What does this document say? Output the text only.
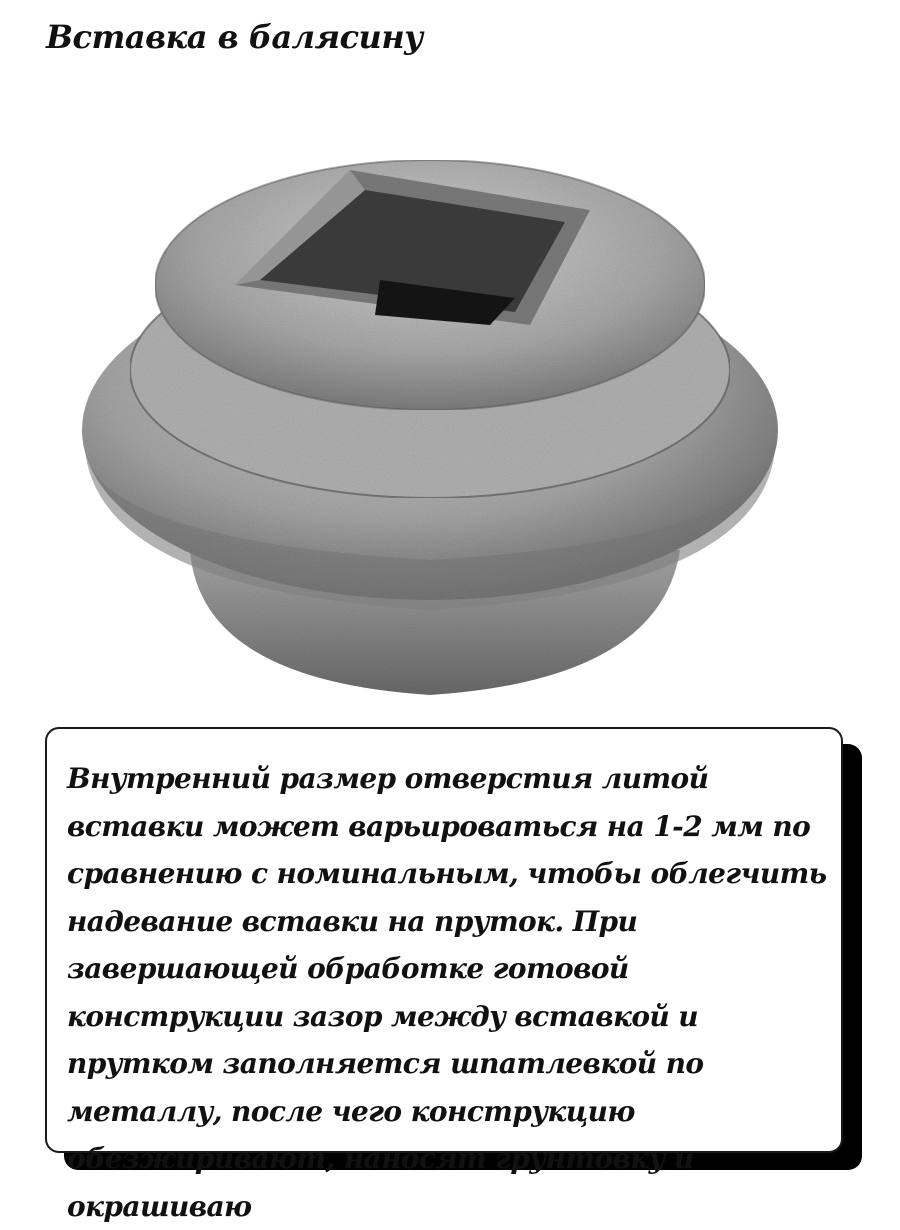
Вставка в балясину

Внутренний размер отверстия литой вставки может варьироваться на 1-2 мм по сравнению с номинальным, чтобы облегчить надевание вставки на пруток. При завершающей обработке готовой конструкции зазор между вставкой и прутком заполняется шпатлевкой по металлу, после чего конструкцию обезжиривают, наносят грунтовку и окрашиваю
